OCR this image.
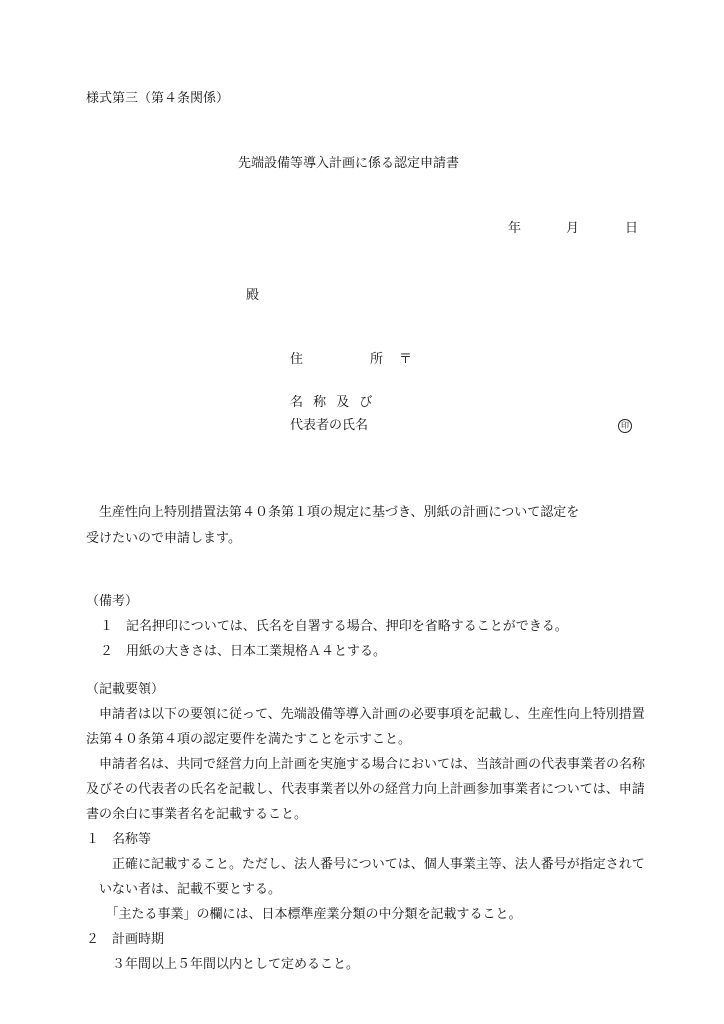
様式第三（第４条関係）
先端設備等導入計画に係る認定申請書
年	月	日
殿
住	所 〒
名 称 及 び
代表者の氏名	印
　生産性向上特別措置法第４０条第１項の規定に基づき、別紙の計画について認定を
受けたいので申請します。
（備考）
１　記名押印については、氏名を自署する場合、押印を省略することができる。
２　用紙の大きさは、日本工業規格Ａ４とする。
（記載要領）
　申請者は以下の要領に従って、先端設備等導入計画の必要事項を記載し、生産性向上特別措置
法第４０条第４項の認定要件を満たすことを示すこと。
　申請者名は、共同で経営力向上計画を実施する場合においては、当該計画の代表事業者の名称
及びその代表者の氏名を記載し、代表事業者以外の経営力向上計画参加事業者については、申請
書の余白に事業者名を記載すること。
１　名称等
　　正確に記載すること。ただし、法人番号については、個人事業主等、法人番号が指定されて
　いない者は、記載不要とする。
　　「主たる事業」の欄には、日本標準産業分類の中分類を記載すること。
２　計画時期
　　３年間以上５年間以内として定めること。
